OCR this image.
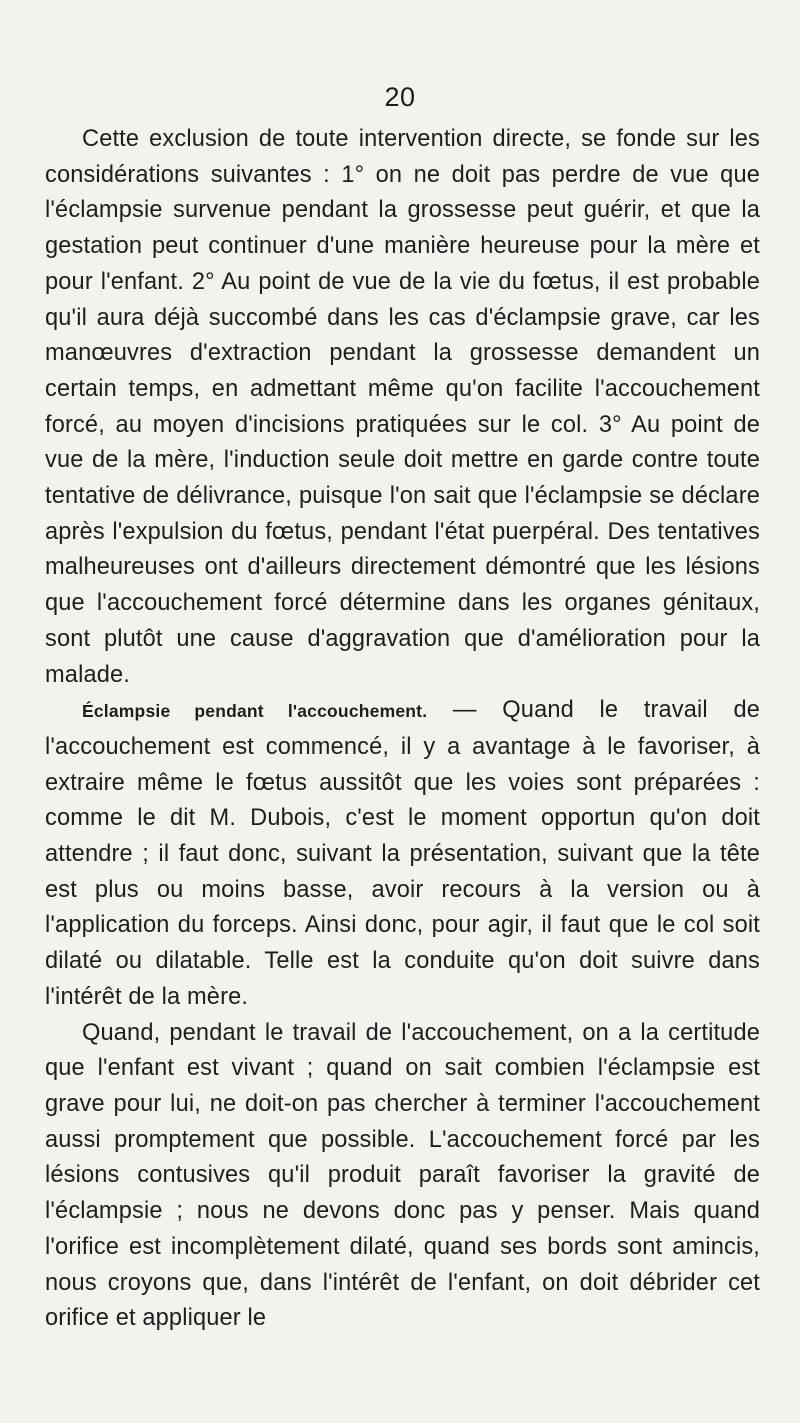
20

Cette exclusion de toute intervention directe, se fonde sur les considérations suivantes : 1° on ne doit pas perdre de vue que l'éclampsie survenue pendant la grossesse peut guérir, et que la gestation peut continuer d'une manière heureuse pour la mère et pour l'enfant. 2° Au point de vue de la vie du fœtus, il est probable qu'il aura déjà succombé dans les cas d'éclampsie grave, car les manœuvres d'extraction pendant la grossesse demandent un certain temps, en admettant même qu'on facilite l'accouchement forcé, au moyen d'incisions pratiquées sur le col. 3° Au point de vue de la mère, l'induction seule doit mettre en garde contre toute tentative de délivrance, puisque l'on sait que l'éclampsie se déclare après l'expulsion du fœtus, pendant l'état puerpéral. Des tentatives malheureuses ont d'ailleurs directement démontré que les lésions que l'accouchement forcé détermine dans les organes génitaux, sont plutôt une cause d'aggravation que d'amélioration pour la malade.

Éclampsie pendant l'accouchement. — Quand le travail de l'accouchement est commencé, il y a avantage à le favoriser, à extraire même le fœtus aussitôt que les voies sont préparées : comme le dit M. Dubois, c'est le moment opportun qu'on doit attendre ; il faut donc, suivant la présentation, suivant que la tête est plus ou moins basse, avoir recours à la version ou à l'application du forceps. Ainsi donc, pour agir, il faut que le col soit dilaté ou dilatable. Telle est la conduite qu'on doit suivre dans l'intérêt de la mère.

Quand, pendant le travail de l'accouchement, on a la certitude que l'enfant est vivant ; quand on sait combien l'éclampsie est grave pour lui, ne doit-on pas chercher à terminer l'accouchement aussi promptement que possible. L'accouchement forcé par les lésions contusives qu'il produit paraît favoriser la gravité de l'éclampsie ; nous ne devons donc pas y penser. Mais quand l'orifice est incomplètement dilaté, quand ses bords sont amincis, nous croyons que, dans l'intérêt de l'enfant, on doit débrider cet orifice et appliquer le
